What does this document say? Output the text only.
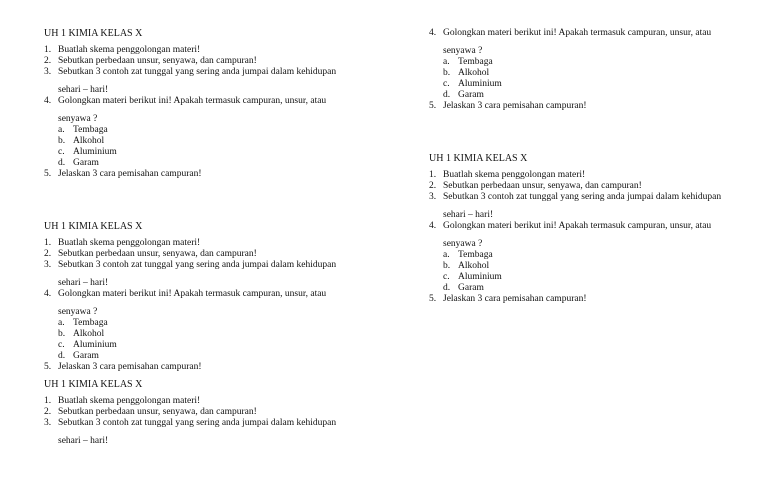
UH 1 KIMIA KELAS X
1. Buatlah skema penggolongan materi!
2. Sebutkan perbedaan unsur, senyawa, dan campuran!
3. Sebutkan 3 contoh zat tunggal yang sering anda jumpai dalam kehidupan
sehari – hari!
4. Golongkan materi berikut ini! Apakah termasuk campuran, unsur, atau
senyawa ?
a. Tembaga
b. Alkohol
c. Aluminium
d. Garam
5. Jelaskan 3 cara pemisahan campuran!
UH 1 KIMIA KELAS X
1. Buatlah skema penggolongan materi!
2. Sebutkan perbedaan unsur, senyawa, dan campuran!
3. Sebutkan 3 contoh zat tunggal yang sering anda jumpai dalam kehidupan
sehari – hari!
4. Golongkan materi berikut ini! Apakah termasuk campuran, unsur, atau
senyawa ?
a. Tembaga
b. Alkohol
c. Aluminium
d. Garam
5. Jelaskan 3 cara pemisahan campuran!
UH 1 KIMIA KELAS X
1. Buatlah skema penggolongan materi!
2. Sebutkan perbedaan unsur, senyawa, dan campuran!
3. Sebutkan 3 contoh zat tunggal yang sering anda jumpai dalam kehidupan
sehari – hari!
4. Golongkan materi berikut ini! Apakah termasuk campuran, unsur, atau
senyawa ?
a. Tembaga
b. Alkohol
c. Aluminium
d. Garam
5. Jelaskan 3 cara pemisahan campuran!
UH 1 KIMIA KELAS X
1. Buatlah skema penggolongan materi!
2. Sebutkan perbedaan unsur, senyawa, dan campuran!
3. Sebutkan 3 contoh zat tunggal yang sering anda jumpai dalam kehidupan
sehari – hari!
4. Golongkan materi berikut ini! Apakah termasuk campuran, unsur, atau
senyawa ?
a. Tembaga
b. Alkohol
c. Aluminium
d. Garam
5. Jelaskan 3 cara pemisahan campuran!
